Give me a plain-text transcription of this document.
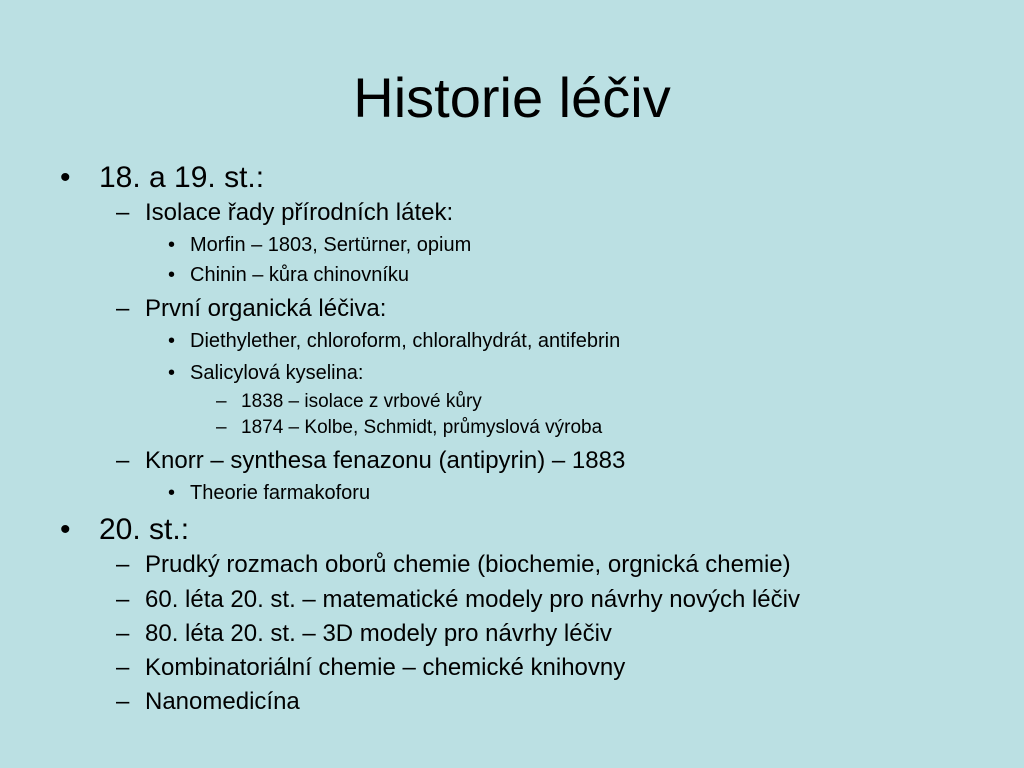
Historie léčiv
• 18. a 19. st.:
– Isolace řady přírodních látek:
• Morfin – 1803, Sertürner, opium
• Chinin – kůra chinovníku
– První organická léčiva:
• Diethylether, chloroform, chloralhydrát, antifebrin
• Salicylová kyselina:
– 1838 – isolace z vrbové kůry
– 1874 – Kolbe, Schmidt, průmyslová výroba
– Knorr – synthesa fenazonu (antipyrin) – 1883
• Theorie farmakoforu
• 20. st.:
– Prudký rozmach oborů chemie (biochemie, orgnická chemie)
– 60. léta 20. st. – matematické modely pro návrhy nových léčiv
– 80. léta 20. st. – 3D modely pro návrhy léčiv
– Kombinatoriální chemie – chemické knihovny
– Nanomedicína
